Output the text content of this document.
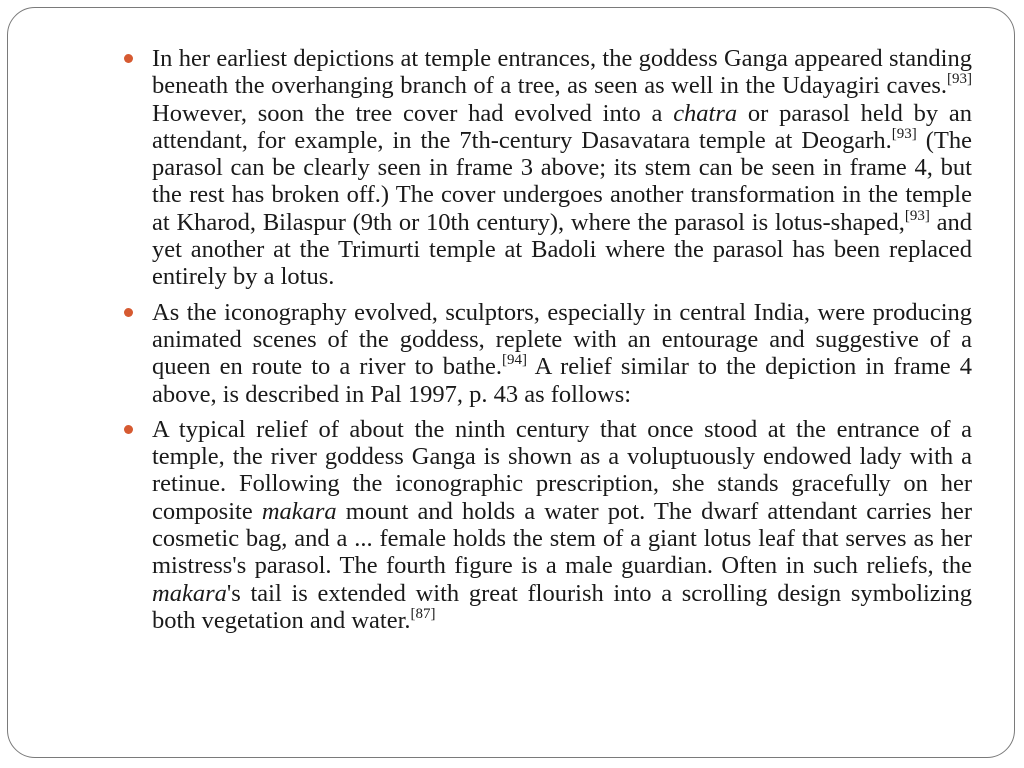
In her earliest depictions at temple entrances, the goddess Ganga appeared standing beneath the overhanging branch of a tree, as seen as well in the Udayagiri caves.[93] However, soon the tree cover had evolved into a chatra or parasol held by an attendant, for example, in the 7th-century Dasavatara temple at Deogarh.[93] (The parasol can be clearly seen in frame 3 above; its stem can be seen in frame 4, but the rest has broken off.) The cover undergoes another transformation in the temple at Kharod, Bilaspur (9th or 10th century), where the parasol is lotus-shaped,[93] and yet another at the Trimurti temple at Badoli where the parasol has been replaced entirely by a lotus.
As the iconography evolved, sculptors, especially in central India, were producing animated scenes of the goddess, replete with an entourage and suggestive of a queen en route to a river to bathe.[94] A relief similar to the depiction in frame 4 above, is described in Pal 1997, p. 43 as follows:
A typical relief of about the ninth century that once stood at the entrance of a temple, the river goddess Ganga is shown as a voluptuously endowed lady with a retinue. Following the iconographic prescription, she stands gracefully on her composite makara mount and holds a water pot. The dwarf attendant carries her cosmetic bag, and a ... female holds the stem of a giant lotus leaf that serves as her mistress's parasol. The fourth figure is a male guardian. Often in such reliefs, the makara's tail is extended with great flourish into a scrolling design symbolizing both vegetation and water.[87]
